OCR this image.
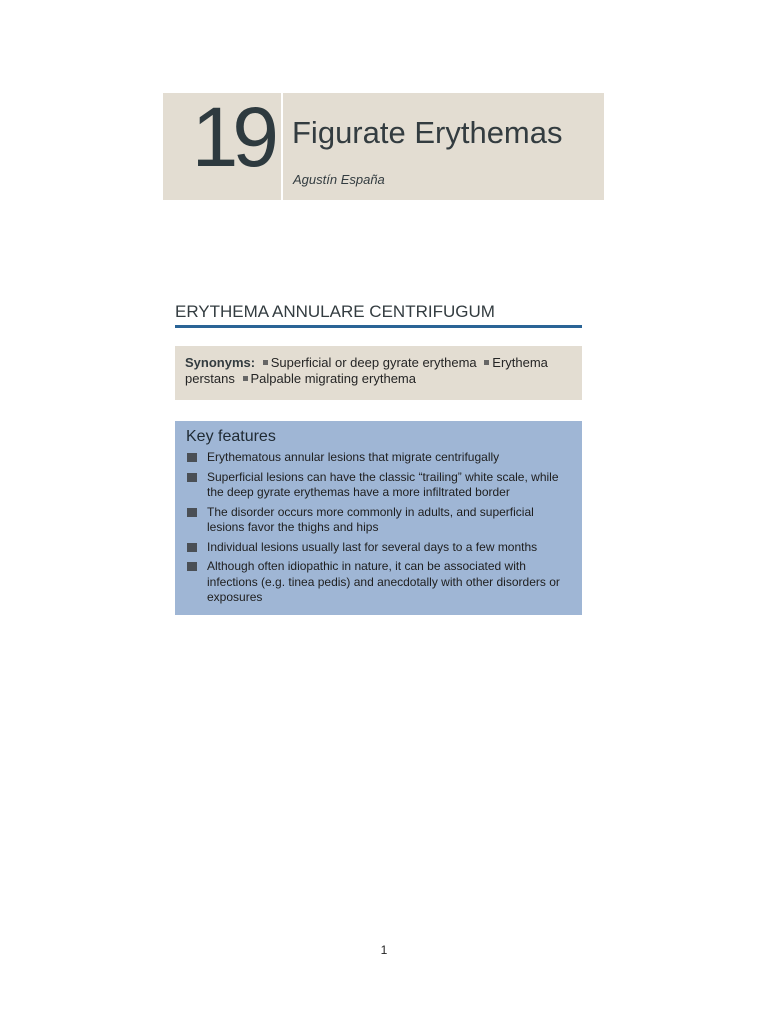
19 Figurate Erythemas
Agustín España
ERYTHEMA ANNULARE CENTRIFUGUM
Synonyms: Superficial or deep gyrate erythema Erythema perstans Palpable migrating erythema
Key features
Erythematous annular lesions that migrate centrifugally
Superficial lesions can have the classic “trailing” white scale, while the deep gyrate erythemas have a more infiltrated border
The disorder occurs more commonly in adults, and superficial lesions favor the thighs and hips
Individual lesions usually last for several days to a few months
Although often idiopathic in nature, it can be associated with infections (e.g. tinea pedis) and anecdotally with other disorders or exposures
1
